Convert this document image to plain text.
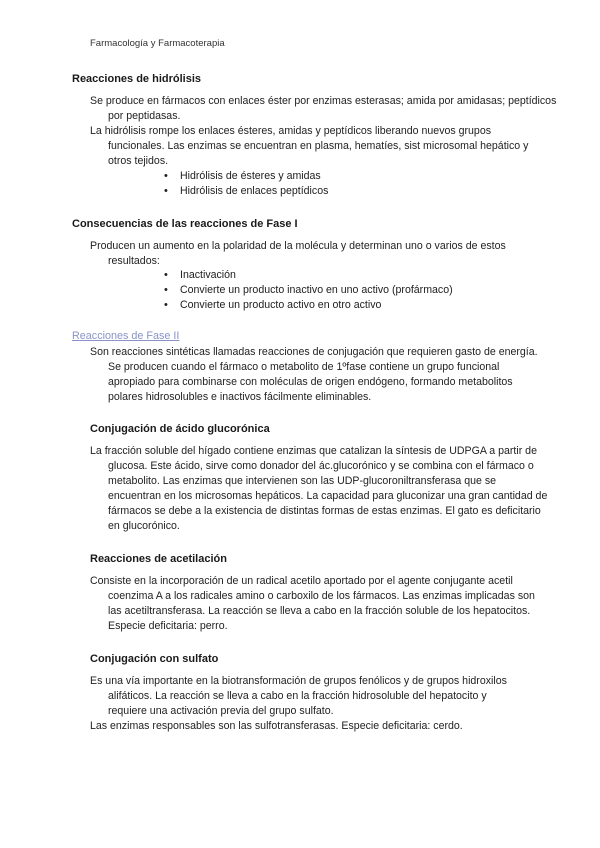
Farmacología y Farmacoterapia
Reacciones de hidrólisis
Se produce en fármacos con enlaces éster por enzimas esterasas; amida por amidasas; peptídicos por peptidasas.
La hidrólisis rompe los enlaces ésteres, amidas y peptídicos liberando nuevos grupos funcionales. Las enzimas se encuentran en plasma, hematíes, sist microsomal hepático y otros tejidos.
• Hidrólisis de ésteres y amidas
• Hidrólisis de enlaces peptídicos
Consecuencias de las reacciones de Fase I
Producen un aumento en la polaridad de la molécula y determinan uno o varios de estos resultados:
• Inactivación
• Convierte un producto inactivo en uno activo (profármaco)
• Convierte un producto activo en otro activo
Reacciones de Fase II
Son reacciones sintéticas llamadas reacciones de conjugación que requieren gasto de energía. Se producen cuando el fármaco o metabolito de 1ºfase contiene un grupo funcional apropiado para combinarse con moléculas de origen endógeno, formando metabolitos polares hidrosolubles e inactivos fácilmente eliminables.
Conjugación de ácido glucorónica
La fracción soluble del hígado contiene enzimas que catalizan la síntesis de UDPGA a partir de glucosa. Este ácido, sirve como donador del ác.glucorónico y se combina con el fármaco o metabolito. Las enzimas que intervienen son las UDP-glucoroniltransferasa que se encuentran en los microsomas hepáticos. La capacidad para gluconizar una gran cantidad de fármacos se debe a la existencia de distintas formas de estas enzimas. El gato es deficitario en glucorónico.
Reacciones de acetilación
Consiste en la incorporación de un radical acetilo aportado por el agente conjugante acetil coenzima A a los radicales amino o carboxilo de los fármacos. Las enzimas implicadas son las acetiltransferasa. La reacción se lleva a cabo en la fracción soluble de los hepatocitos. Especie deficitaria: perro.
Conjugación con sulfato
Es una vía importante en la biotransformación de grupos fenólicos y de grupos hidroxilos alifáticos. La reacción se lleva a cabo en la fracción hidrosoluble del hepatocito y requiere una activación previa del grupo sulfato.
Las enzimas responsables son las sulfotransferasas. Especie deficitaria: cerdo.
